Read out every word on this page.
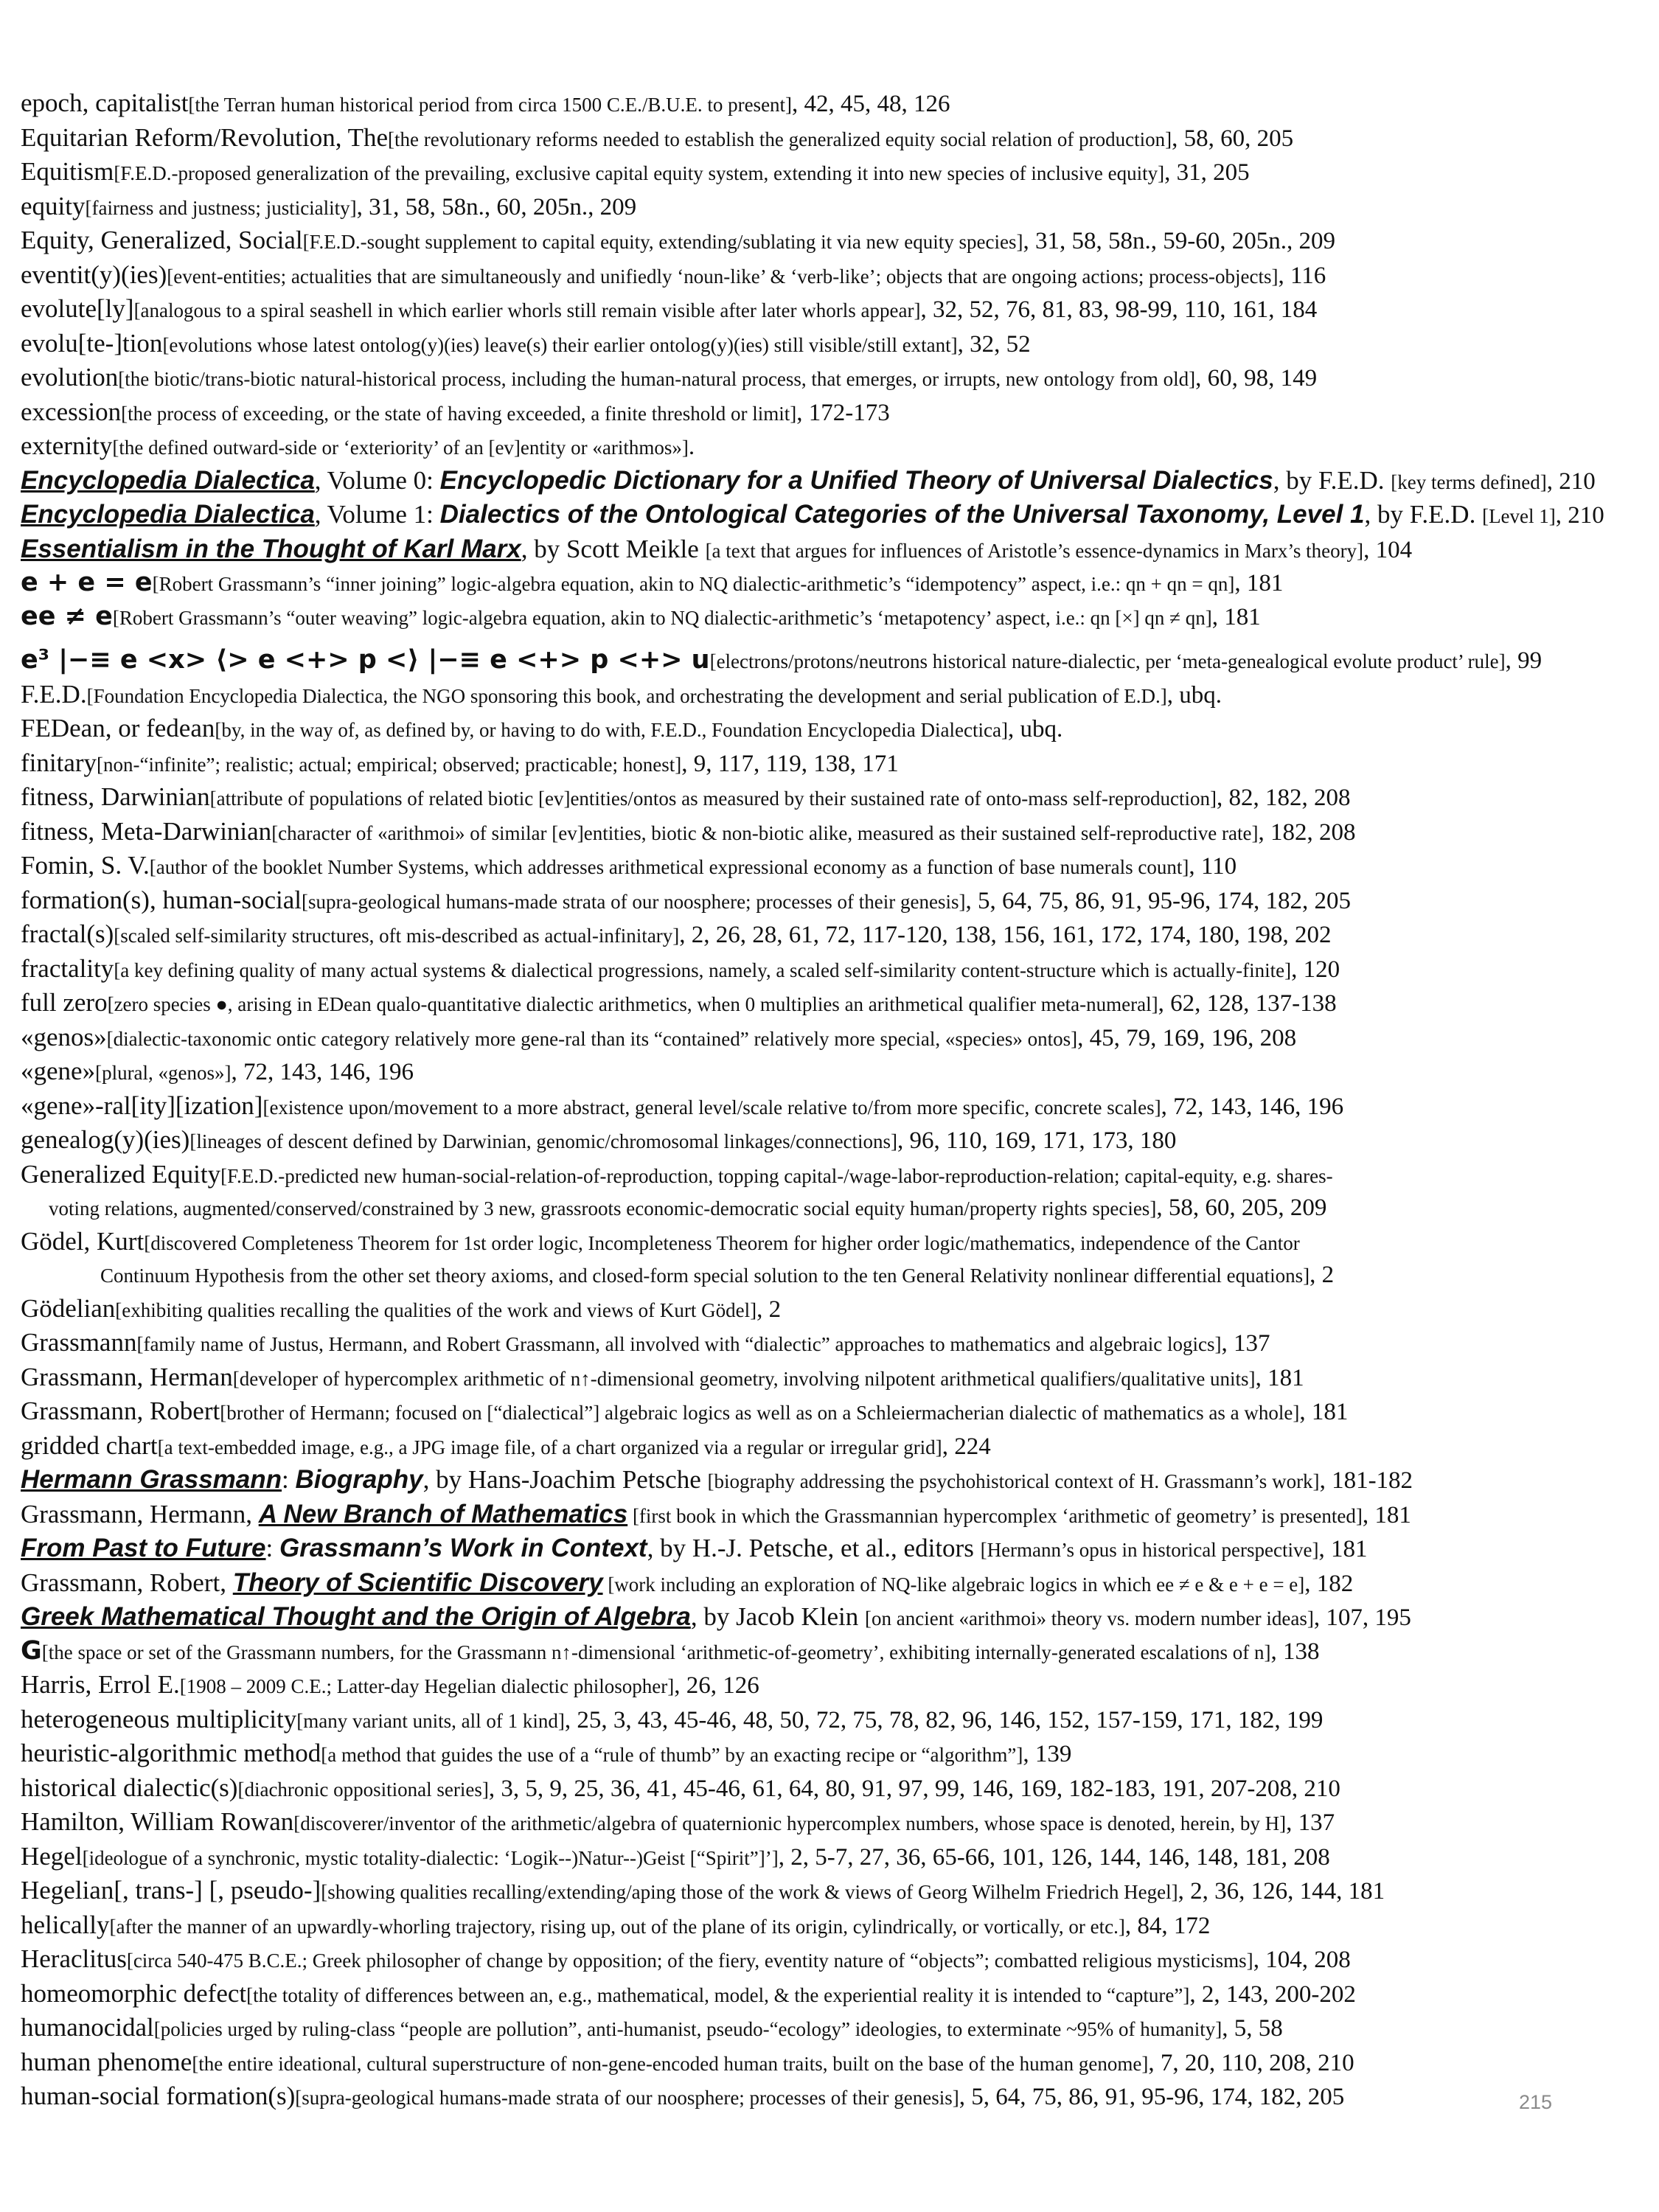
epoch, capitalist[the Terran human historical period from circa 1500 C.E./B.U.E. to present], 42, 45, 48, 126
Equitarian Reform/Revolution, The[the revolutionary reforms needed to establish the generalized equity social relation of production], 58, 60, 205
Equitism[F.E.D.-proposed generalization of the prevailing, exclusive capital equity system, extending it into new species of inclusive equity], 31, 205
equity[fairness and justness; justiciality], 31, 58, 58n., 60, 205n., 209
Equity, Generalized, Social[F.E.D.-sought supplement to capital equity, extending/sublating it via new equity species], 31, 58, 58n., 59-60, 205n., 209
eventit(y)(ies)[event-entities; actualities that are simultaneously and unifiedly ‘noun-like’ & ‘verb-like’; objects that are ongoing actions; process-objects], 116
evolute[ly][analogous to a spiral seashell in which earlier whorls still remain visible after later whorls appear], 32, 52, 76, 81, 83, 98-99, 110, 161, 184
evolu[te-]tion[evolutions whose latest ontolog(y)(ies) leave(s) their earlier ontolog(y)(ies) still visible/still extant], 32, 52
evolution[the biotic/trans-biotic natural-historical process, including the human-natural process, that emerges, or irrupts, new ontology from old], 60, 98, 149
excession[the process of exceeding, or the state of having exceeded, a finite threshold or limit], 172-173
externity[the defined outward-side or ‘exteriority’ of an [ev]entity or «arithmos»].
Encyclopedia Dialectica, Volume 0: Encyclopedic Dictionary for a Unified Theory of Universal Dialectics, by F.E.D. [key terms defined], 210
Encyclopedia Dialectica, Volume 1: Dialectics of the Ontological Categories of the Universal Taxonomy, Level 1, by F.E.D. [Level 1], 210
Essentialism in the Thought of Karl Marx, by Scott Meikle [a text that argues for influences of Aristotle’s essence-dynamics in Marx’s theory], 104
e + e = e[Robert Grassmann’s “inner joining” logic-algebra equation, akin to NQ dialectic-arithmetic’s “idempotency” aspect, i.e.: qn + qn = qn], 181
ee ≠ e[Robert Grassmann’s “outer weaving” logic-algebra equation, akin to NQ dialectic-arithmetic’s ‘metapotency’ aspect, i.e.: qn [×] qn ≠ qn], 181
e³ |−≡ e <x> ⟨> e <+> p <⟩ |−≡ e <+> p <+> u[electrons/protons/neutrons historical nature-dialectic, per ‘meta-genealogical evolute product’ rule], 99
F.E.D.[Foundation Encyclopedia Dialectica, the NGO sponsoring this book, and orchestrating the development and serial publication of E.D.], ubq.
FEDean, or fedean[by, in the way of, as defined by, or having to do with, F.E.D., Foundation Encyclopedia Dialectica], ubq.
finitary[non-“infinite”; realistic; actual; empirical; observed; practicable; honest], 9, 117, 119, 138, 171
fitness, Darwinian[attribute of populations of related biotic [ev]entities/ontos as measured by their sustained rate of onto-mass self-reproduction], 82, 182, 208
fitness, Meta-Darwinian[character of «arithmoi» of similar [ev]entities, biotic & non-biotic alike, measured as their sustained self-reproductive rate], 182, 208
Fomin, S. V.[author of the booklet Number Systems, which addresses arithmetical expressional economy as a function of base numerals count], 110
formation(s), human-social[supra-geological humans-made strata of our noosphere; processes of their genesis], 5, 64, 75, 86, 91, 95-96, 174, 182, 205
fractal(s)[scaled self-similarity structures, oft mis-described as actual-infinitary], 2, 26, 28, 61, 72, 117-120, 138, 156, 161, 172, 174, 180, 198, 202
fractality[a key defining quality of many actual systems & dialectical progressions, namely, a scaled self-similarity content-structure which is actually-finite], 120
full zero[zero species ●, arising in EDean qualo-quantitative dialectic arithmetics, when 0 multiplies an arithmetical qualifier meta-numeral], 62, 128, 137-138
«genos»[dialectic-taxonomic ontic category relatively more gene-ral than its “contained” relatively more special, «species» ontos], 45, 79, 169, 196, 208
«gene»[plural, «genos»], 72, 143, 146, 196
«gene»-ral[ity][ization][existence upon/movement to a more abstract, general level/scale relative to/from more specific, concrete scales], 72, 143, 146, 196
genealog(y)(ies)[lineages of descent defined by Darwinian, genomic/chromosomal linkages/connections], 96, 110, 169, 171, 173, 180
Generalized Equity[F.E.D.-predicted new human-social-relation-of-reproduction, topping capital-/wage-labor-reproduction-relation; capital-equity, e.g. shares-
voting relations, augmented/conserved/constrained by 3 new, grassroots economic-democratic social equity human/property rights species], 58, 60, 205, 209
Gödel, Kurt[discovered Completeness Theorem for 1st order logic, Incompleteness Theorem for higher order logic/mathematics, independence of the Cantor
Continuum Hypothesis from the other set theory axioms, and closed-form special solution to the ten General Relativity nonlinear differential equations], 2
Gödelian[exhibiting qualities recalling the qualities of the work and views of Kurt Gödel], 2
Grassmann[family name of Justus, Hermann, and Robert Grassmann, all involved with “dialectic” approaches to mathematics and algebraic logics], 137
Grassmann, Herman[developer of hypercomplex arithmetic of n↑-dimensional geometry, involving nilpotent arithmetical qualifiers/qualitative units], 181
Grassmann, Robert[brother of Hermann; focused on [“dialectical”] algebraic logics as well as on a Schleiermacherian dialectic of mathematics as a whole], 181
gridded chart[a text-embedded image, e.g., a JPG image file, of a chart organized via a regular or irregular grid], 224
Hermann Grassmann: Biography, by Hans-Joachim Petsche [biography addressing the psychohistorical context of H. Grassmann’s work], 181-182
Grassmann, Hermann, A New Branch of Mathematics [first book in which the Grassmannian hypercomplex ‘arithmetic of geometry’ is presented], 181
From Past to Future: Grassmann’s Work in Context, by H.-J. Petsche, et al., editors [Hermann’s opus in historical perspective], 181
Grassmann, Robert, Theory of Scientific Discovery [work including an exploration of NQ-like algebraic logics in which ee ≠ e & e + e = e], 182
Greek Mathematical Thought and the Origin of Algebra, by Jacob Klein [on ancient «arithmoi» theory vs. modern number ideas], 107, 195
G[the space or set of the Grassmann numbers, for the Grassmann n↑-dimensional ‘arithmetic-of-geometry’, exhibiting internally-generated escalations of n], 138
Harris, Errol E.[1908 – 2009 C.E.; Latter-day Hegelian dialectic philosopher], 26, 126
heterogeneous multiplicity[many variant units, all of 1 kind], 25, 3, 43, 45-46, 48, 50, 72, 75, 78, 82, 96, 146, 152, 157-159, 171, 182, 199
heuristic-algorithmic method[a method that guides the use of a “rule of thumb” by an exacting recipe or “algorithm”], 139
historical dialectic(s)[diachronic oppositional series], 3, 5, 9, 25, 36, 41, 45-46, 61, 64, 80, 91, 97, 99, 146, 169, 182-183, 191, 207-208, 210
Hamilton, William Rowan[discoverer/inventor of the arithmetic/algebra of quaternionic hypercomplex numbers, whose space is denoted, herein, by H], 137
Hegel[ideologue of a synchronic, mystic totality-dialectic: ‘Logik--)Natur--)Geist [“Spirit”]’], 2, 5-7, 27, 36, 65-66, 101, 126, 144, 146, 148, 181, 208
Hegelian[, trans-] [, pseudo-][showing qualities recalling/extending/aping those of the work & views of Georg Wilhelm Friedrich Hegel], 2, 36, 126, 144, 181
helically[after the manner of an upwardly-whorling trajectory, rising up, out of the plane of its origin, cylindrically, or vortically, or etc.], 84, 172
Heraclitus[circa 540-475 B.C.E.; Greek philosopher of change by opposition; of the fiery, eventity nature of “objects”; combatted religious mysticisms], 104, 208
homeomorphic defect[the totality of differences between an, e.g., mathematical, model, & the experiential reality it is intended to “capture”], 2, 143, 200-202
humanocidal[policies urged by ruling-class “people are pollution”, anti-humanist, pseudo-“ecology” ideologies, to exterminate ~95% of humanity], 5, 58
human phenome[the entire ideational, cultural superstructure of non-gene-encoded human traits, built on the base of the human genome], 7, 20, 110, 208, 210
human-social formation(s)[supra-geological humans-made strata of our noosphere; processes of their genesis], 5, 64, 75, 86, 91, 95-96, 174, 182, 205	215
